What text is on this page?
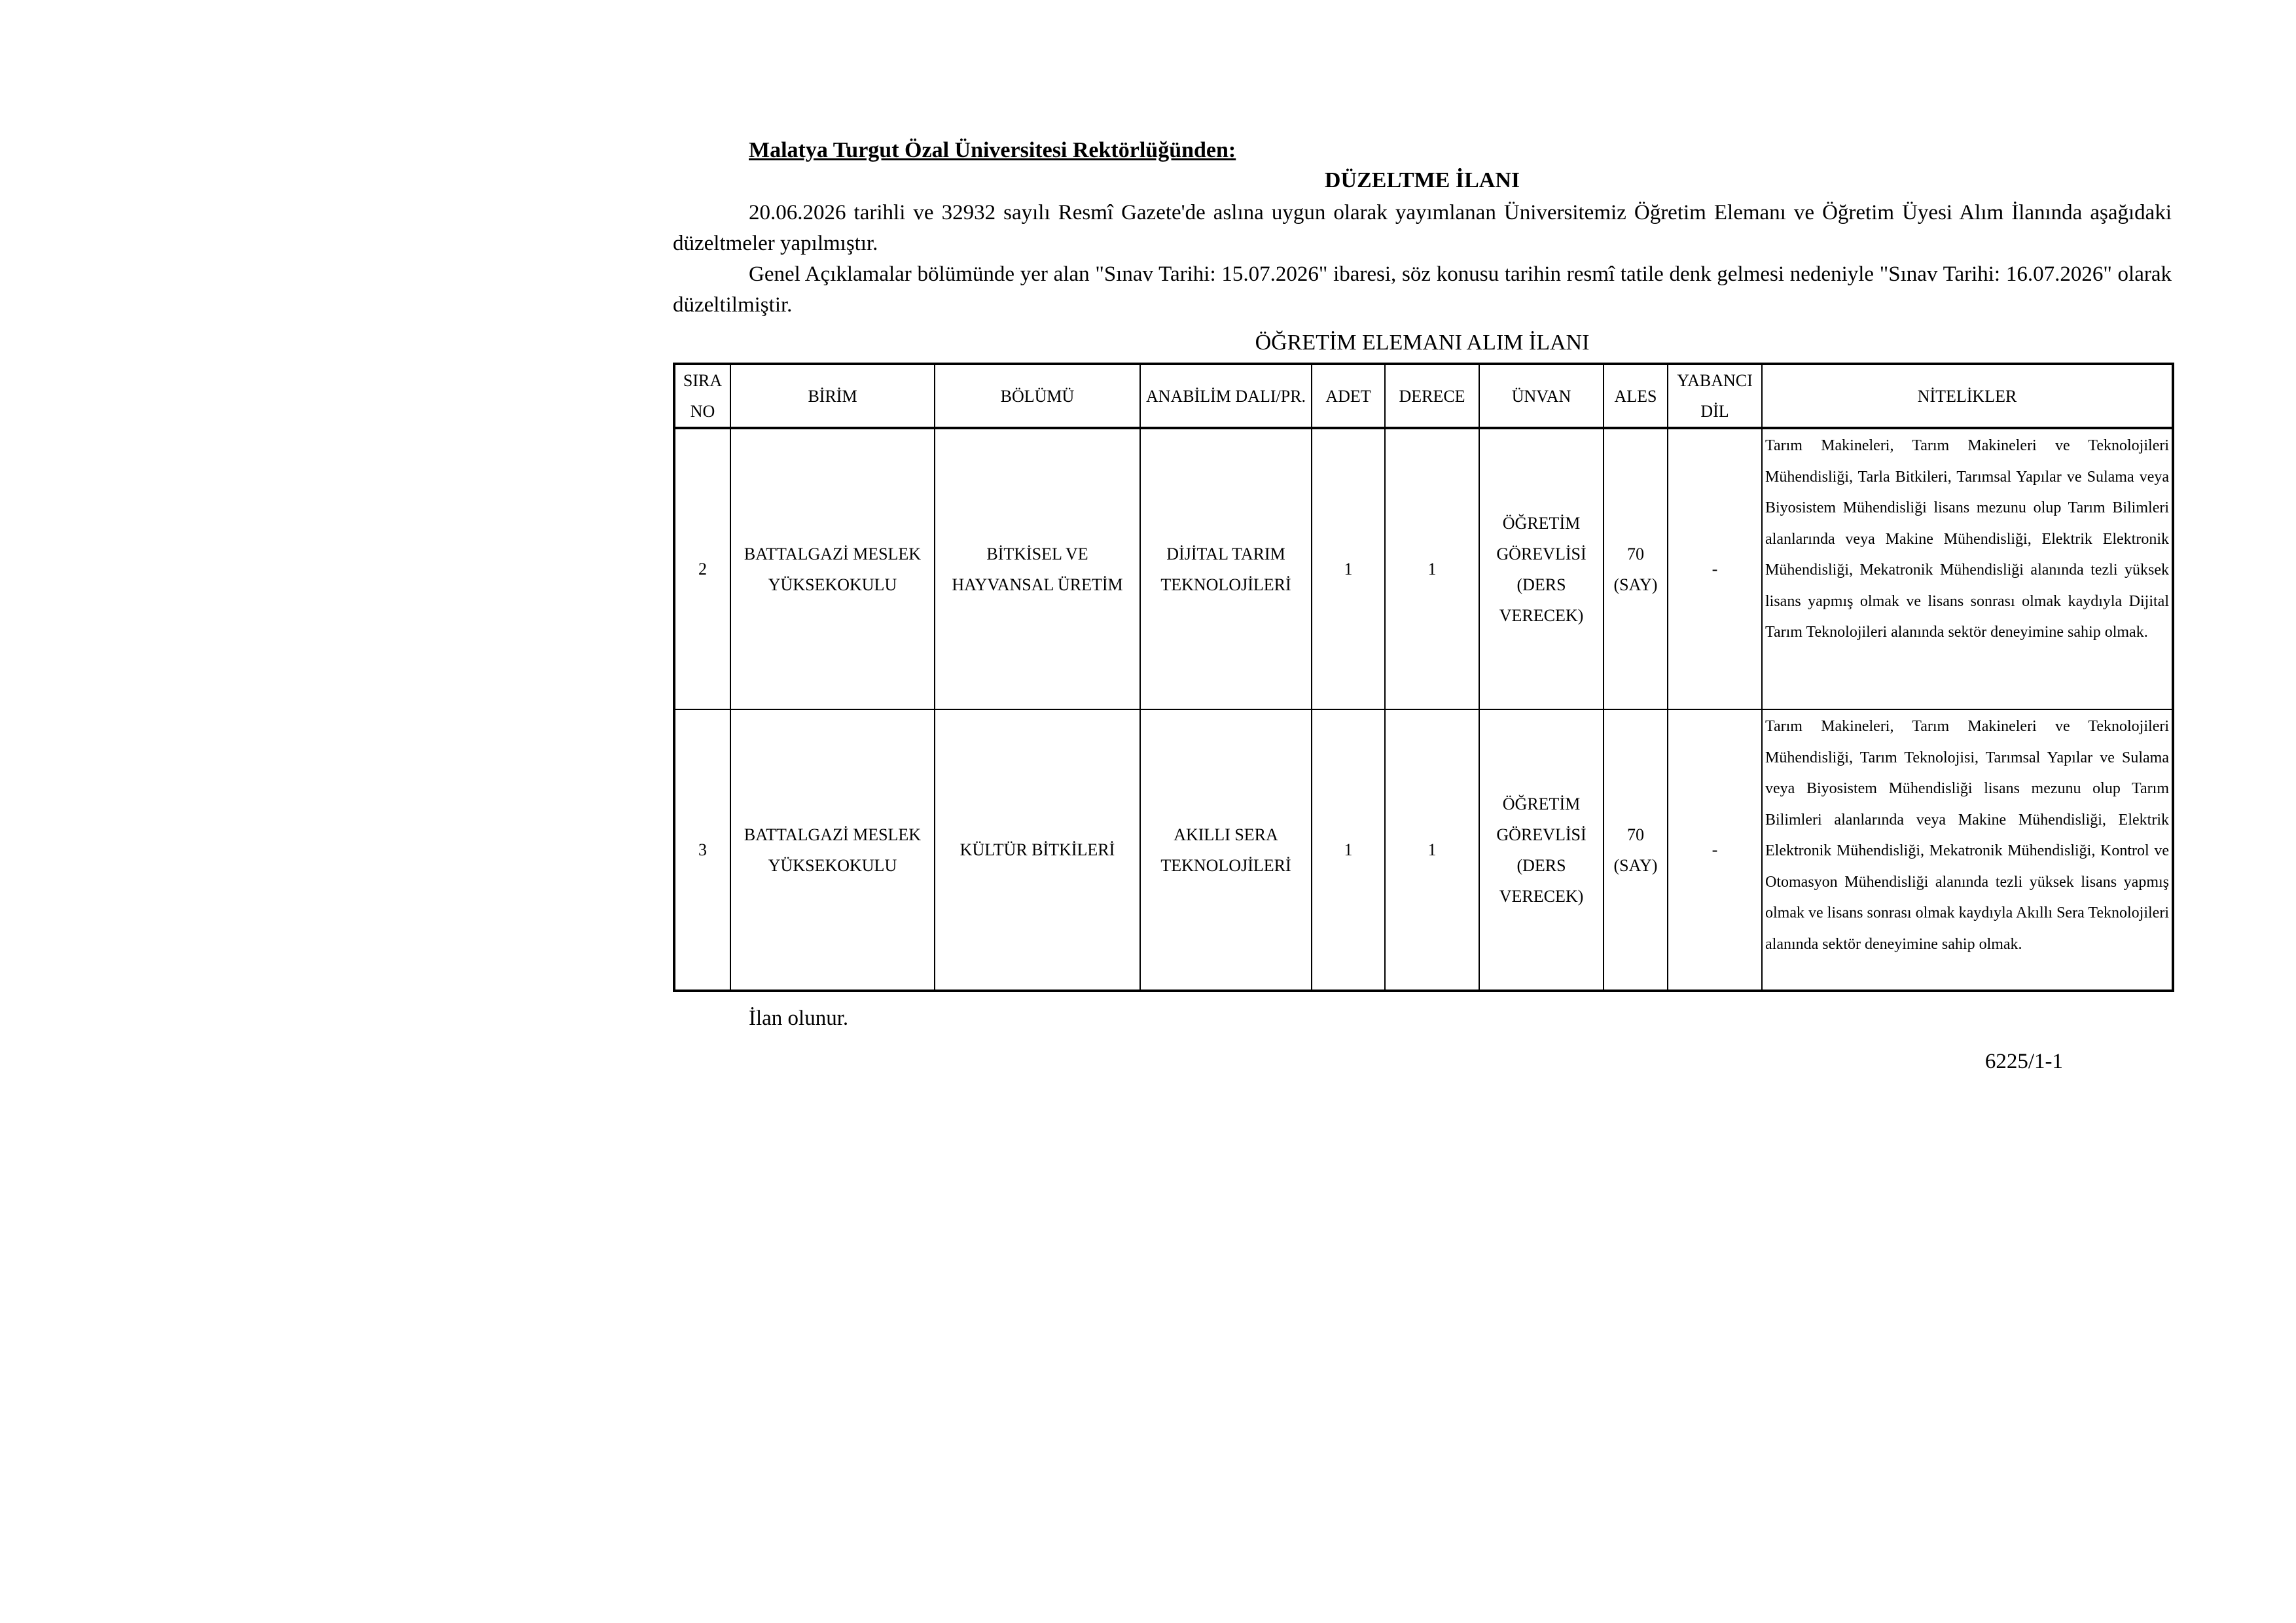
Malatya Turgut Özal Üniversitesi Rektörlüğünden:
DÜZELTME İLANI

20.06.2026 tarihli ve 32932 sayılı Resmî Gazete'de aslına uygun olarak yayımlanan Üniversitemiz Öğretim Elemanı ve Öğretim Üyesi Alım İlanında aşağıdaki düzeltmeler yapılmıştır.

Genel Açıklamalar bölümünde yer alan "Sınav Tarihi: 15.07.2026" ibaresi, söz konusu tarihin resmî tatile denk gelmesi nedeniyle "Sınav Tarihi: 16.07.2026" olarak düzeltilmiştir.

ÖĞRETİM ELEMANI ALIM İLANI
SIRA NO	BİRİM	BÖLÜMÜ	ANABİLİM DALI/PR.	ADET	DERECE	ÜNVAN	ALES	YABANCI DİL	NİTELİKLER
2	BATTALGAZİ MESLEK YÜKSEKOKULU	BİTKİSEL VE HAYVANSAL ÜRETİM	DİJİTAL TARIM TEKNOLOJİLERİ	1	1	ÖĞRETİM GÖREVLİSİ (DERS VERECEK)	70 (SAY)	-	Tarım Makineleri, Tarım Makineleri ve Teknolojileri Mühendisliği, Tarla Bitkileri, Tarımsal Yapılar ve Sulama veya Biyosistem Mühendisliği lisans mezunu olup Tarım Bilimleri alanlarında veya Makine Mühendisliği, Elektrik Elektronik Mühendisliği, Mekatronik Mühendisliği alanında tezli yüksek lisans yapmış olmak ve lisans sonrası olmak kaydıyla Dijital Tarım Teknolojileri alanında sektör deneyimine sahip olmak.
3	BATTALGAZİ MESLEK YÜKSEKOKULU	KÜLTÜR BİTKİLERİ	AKILLI SERA TEKNOLOJİLERİ	1	1	ÖĞRETİM GÖREVLİSİ (DERS VERECEK)	70 (SAY)	-	Tarım Makineleri, Tarım Makineleri ve Teknolojileri Mühendisliği, Tarım Teknolojisi, Tarımsal Yapılar ve Sulama veya Biyosistem Mühendisliği lisans mezunu olup Tarım Bilimleri alanlarında veya Makine Mühendisliği, Elektrik Elektronik Mühendisliği, Mekatronik Mühendisliği, Kontrol ve Otomasyon Mühendisliği alanında tezli yüksek lisans yapmış olmak ve lisans sonrası olmak kaydıyla Akıllı Sera Teknolojileri alanında sektör deneyimine sahip olmak.
İlan olunur.
6225/1-1
